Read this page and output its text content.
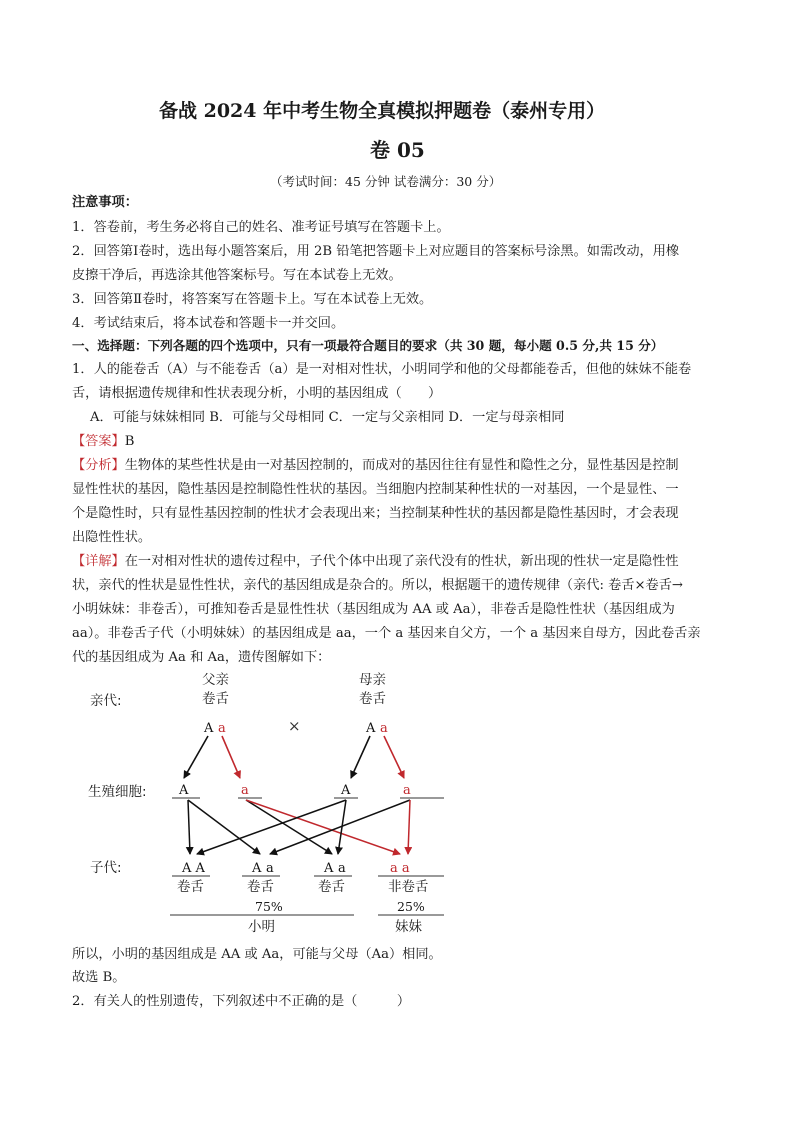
备战 2024 年中考生物全真模拟押题卷（泰州专用）
卷 05
（考试时间：45 分钟 试卷满分：30 分）
注意事项：
1．答卷前，考生务必将自己的姓名、准考证号填写在答题卡上。
2．回答第Ⅰ卷时，选出每小题答案后，用 2B 铅笔把答题卡上对应题目的答案标号涂黑。如需改动，用橡
皮擦干净后，再选涂其他答案标号。写在本试卷上无效。
3．回答第Ⅱ卷时，将答案写在答题卡上。写在本试卷上无效。
4．考试结束后，将本试卷和答题卡一并交回。
一、选择题：下列各题的四个选项中，只有一项最符合题目的要求（共 30 题，每小题 0.5 分,共 15 分）
1．人的能卷舌（A）与不能卷舌（a）是一对相对性状，小明同学和他的父母都能卷舌，但他的妹妹不能卷
舌，请根据遗传规律和性状表现分析，小明的基因组成（　　）
A．可能与妹妹相同 B．可能与父母相同 C．一定与父亲相同 D．一定与母亲相同
【答案】B
【分析】生物体的某些性状是由一对基因控制的，而成对的基因往往有显性和隐性之分，显性基因是控制
显性性状的基因，隐性基因是控制隐性性状的基因。当细胞内控制某种性状的一对基因，一个是显性、一
个是隐性时，只有显性基因控制的性状才会表现出来；当控制某种性状的基因都是隐性基因时，才会表现
出隐性性状。
【详解】在一对相对性状的遗传过程中，子代个体中出现了亲代没有的性状，新出现的性状一定是隐性性
状，亲代的性状是显性性状，亲代的基因组成是杂合的。所以，根据题干的遗传规律（亲代: 卷舌×卷舌→
小明妹妹：非卷舌），可推知卷舌是显性性状（基因组成为 AA 或 Aa），非卷舌是隐性性状（基因组成为
aa）。非卷舌子代（小明妹妹）的基因组成是 aa，一个 a 基因来自父方，一个 a 基因来自母方，因此卷舌亲
代的基因组成为 Aa 和 Aa，遗传图解如下：
亲代:
生殖细胞:
子代:
父亲
卷舌
母亲
卷舌
A a	×	A a
A	a	A	a
A A	A a	A a	a a
卷舌	卷舌	卷舌	非卷舌
75%	25%
小明	妹妹
所以，小明的基因组成是 AA 或 Aa，可能与父母（Aa）相同。
故选 B。
2．有关人的性别遗传，下列叙述中不正确的是（　　　）
